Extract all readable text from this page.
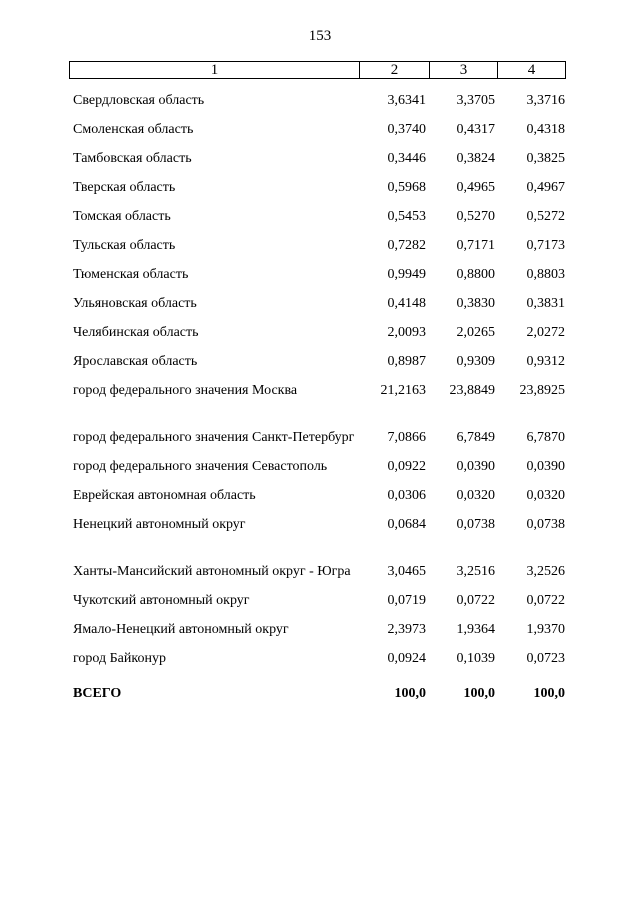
153
1	2	3	4
Свердловская область	3,6341	3,3705	3,3716
Смоленская область	0,3740	0,4317	0,4318
Тамбовская область	0,3446	0,3824	0,3825
Тверская область	0,5968	0,4965	0,4967
Томская область	0,5453	0,5270	0,5272
Тульская область	0,7282	0,7171	0,7173
Тюменская область	0,9949	0,8800	0,8803
Ульяновская область	0,4148	0,3830	0,3831
Челябинская область	2,0093	2,0265	2,0272
Ярославская область	0,8987	0,9309	0,9312
город федерального значения Москва	21,2163	23,8849	23,8925
город федерального значения Санкт-Петербург	7,0866	6,7849	6,7870
город федерального значения Севастополь	0,0922	0,0390	0,0390
Еврейская автономная область	0,0306	0,0320	0,0320
Ненецкий автономный округ	0,0684	0,0738	0,0738
Ханты-Мансийский автономный округ - Югра	3,0465	3,2516	3,2526
Чукотский автономный округ	0,0719	0,0722	0,0722
Ямало-Ненецкий автономный округ	2,3973	1,9364	1,9370
город Байконур	0,0924	0,1039	0,0723
ВСЕГО	100,0	100,0	100,0
